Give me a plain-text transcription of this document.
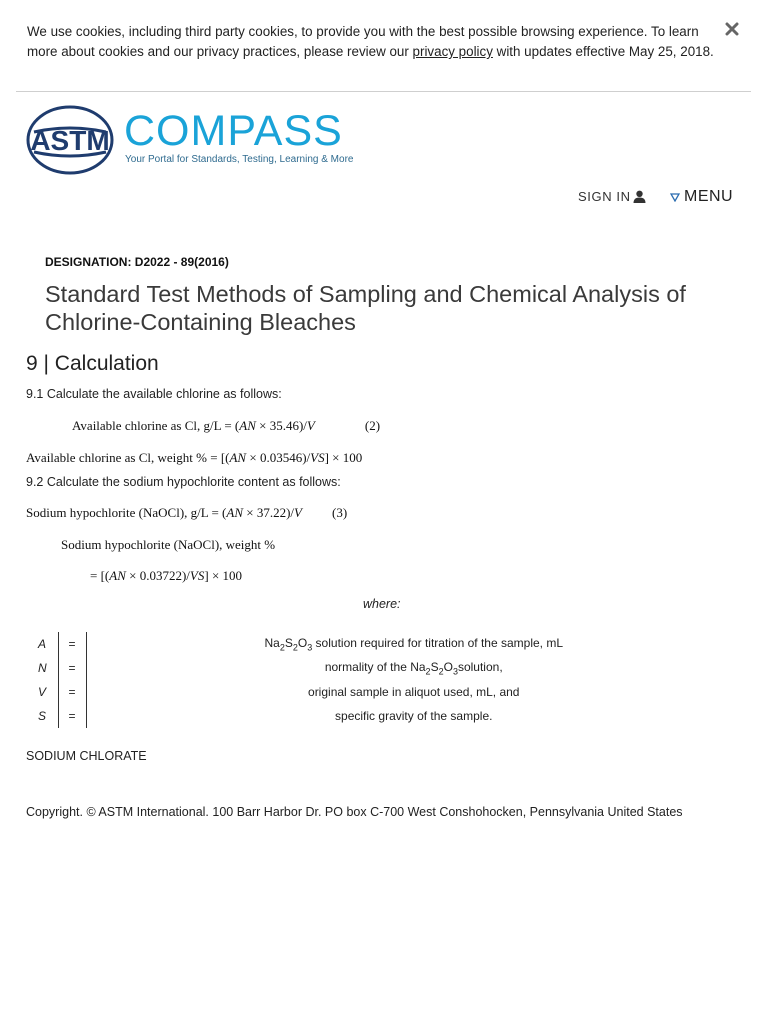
We use cookies, including third party cookies, to provide you with the best possible browsing experience. To learn more about cookies and our privacy practices, please review our privacy policy with updates effective May 25, 2018.
ASTM COMPASS
Your Portal for Standards, Testing, Learning & More
SIGN IN	MENU
DESIGNATION: D2022 - 89(2016)
Standard Test Methods of Sampling and Chemical Analysis of Chlorine-Containing Bleaches
9 | Calculation
9.1 Calculate the available chlorine as follows:
Available chlorine as Cl, g/L = (AN × 35.46)/V	(2)
Available chlorine as Cl, weight % = [(AN × 0.03546)/VS] × 100
9.2 Calculate the sodium hypochlorite content as follows:
Sodium hypochlorite (NaOCl), g/L = (AN × 37.22)/V (3)
Sodium hypochlorite (NaOCl), weight %
= [(AN × 0.03722)/VS] × 100
where:
A	=	$Na_2S_2O_3$ solution required for titration of the sample, mL
N	=	normality of the $Na_2S_2O_3solution$,
V	=	original sample in aliquot used, mL, and
S	=	specific gravity of the sample.
SODIUM CHLORATE
Copyright. © ASTM International. 100 Barr Harbor Dr. PO box C-700 West Conshohocken, Pennsylvania United States
